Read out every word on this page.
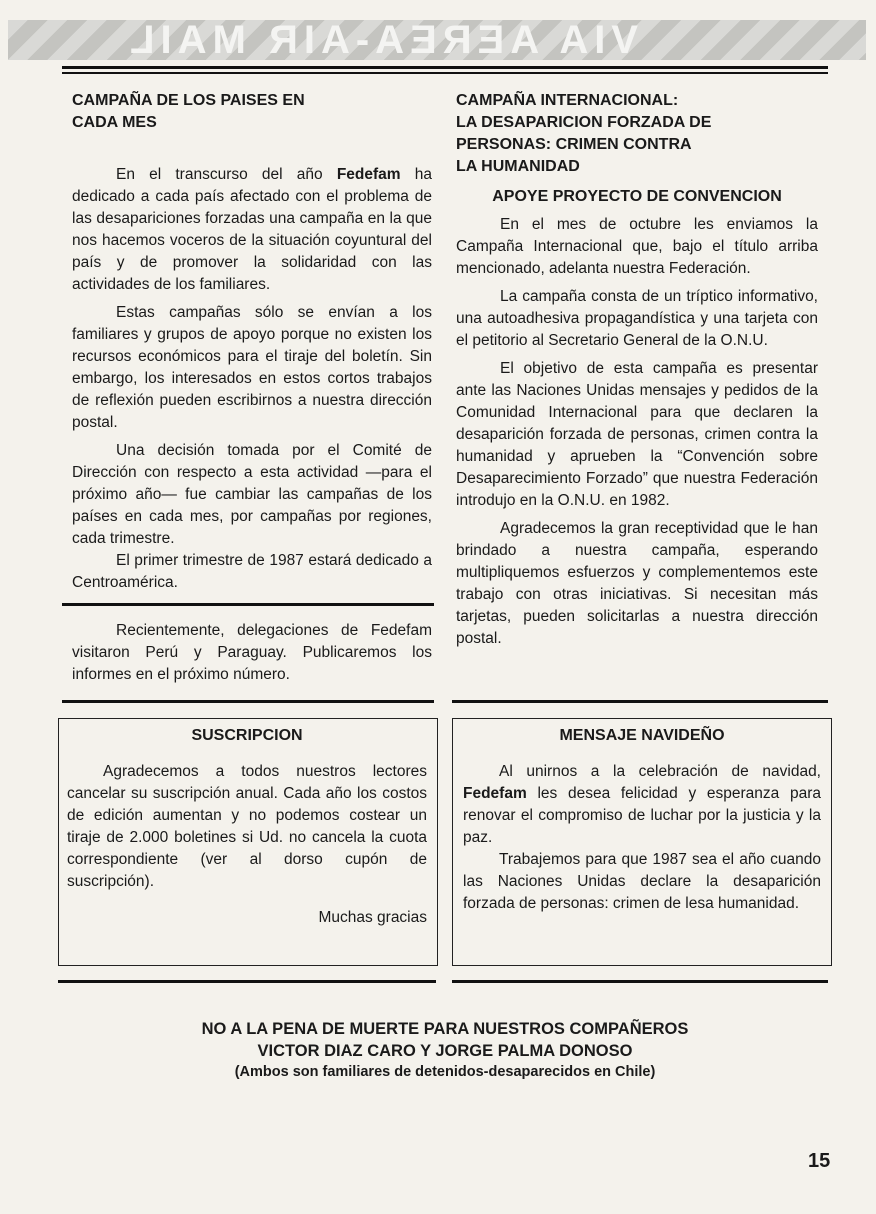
VIA AEREA-AIR MAIL
CAMPAÑA DE LOS PAISES EN CADA MES

En el transcurso del año Fedefam ha dedicado a cada país afectado con el problema de las desapariciones forzadas una campaña en la que nos hacemos voceros de la situación coyuntural del país y de promover la solidaridad con las actividades de los familiares.

Estas campañas sólo se envían a los familiares y grupos de apoyo porque no existen los recursos económicos para el tiraje del boletín. Sin embargo, los interesados en estos cortos trabajos de reflexión pueden escribirnos a nuestra dirección postal.

Una decisión tomada por el Comité de Dirección con respecto a esta actividad —para el próximo año— fue cambiar las campañas de los países en cada mes, por campañas por regiones, cada trimestre.

El primer trimestre de 1987 estará dedicado a Centroamérica.

Recientemente, delegaciones de Fedefam visitaron Perú y Paraguay. Publicaremos los informes en el próximo número.

CAMPAÑA INTERNACIONAL:
LA DESAPARICION FORZADA DE
PERSONAS: CRIMEN CONTRA
LA HUMANIDAD
APOYE PROYECTO DE CONVENCION

En el mes de octubre les enviamos la Campaña Internacional que, bajo el título arriba mencionado, adelanta nuestra Federación.

La campaña consta de un tríptico informativo, una autoadhesiva propagandística y una tarjeta con el petitorio al Secretario General de la O.N.U.

El objetivo de esta campaña es presentar ante las Naciones Unidas mensajes y pedidos de la Comunidad Internacional para que declaren la desaparición forzada de personas, crimen contra la humanidad y aprueben la “Convención sobre Desaparecimiento Forzado” que nuestra Federación introdujo en la O.N.U. en 1982.

Agradecemos la gran receptividad que le han brindado a nuestra campaña, esperando multipliquemos esfuerzos y complementemos este trabajo con otras iniciativas. Si necesitan más tarjetas, pueden solicitarlas a nuestra dirección postal.

SUSCRIPCION

Agradecemos a todos nuestros lectores cancelar su suscripción anual. Cada año los costos de edición aumentan y no podemos costear un tiraje de 2.000 boletines si Ud. no cancela la cuota correspondiente (ver al dorso cupón de suscripción).

Muchas gracias
MENSAJE NAVIDEÑO

Al unirnos a la celebración de navidad, Fedefam les desea felicidad y esperanza para renovar el compromiso de luchar por la justicia y la paz.

Trabajemos para que 1987 sea el año cuando las Naciones Unidas declare la desaparición forzada de personas: crimen de lesa humanidad.

NO A LA PENA DE MUERTE PARA NUESTROS COMPAÑEROS
VICTOR DIAZ CARO Y JORGE PALMA DONOSO
(Ambos son familiares de detenidos-desaparecidos en Chile)
15
